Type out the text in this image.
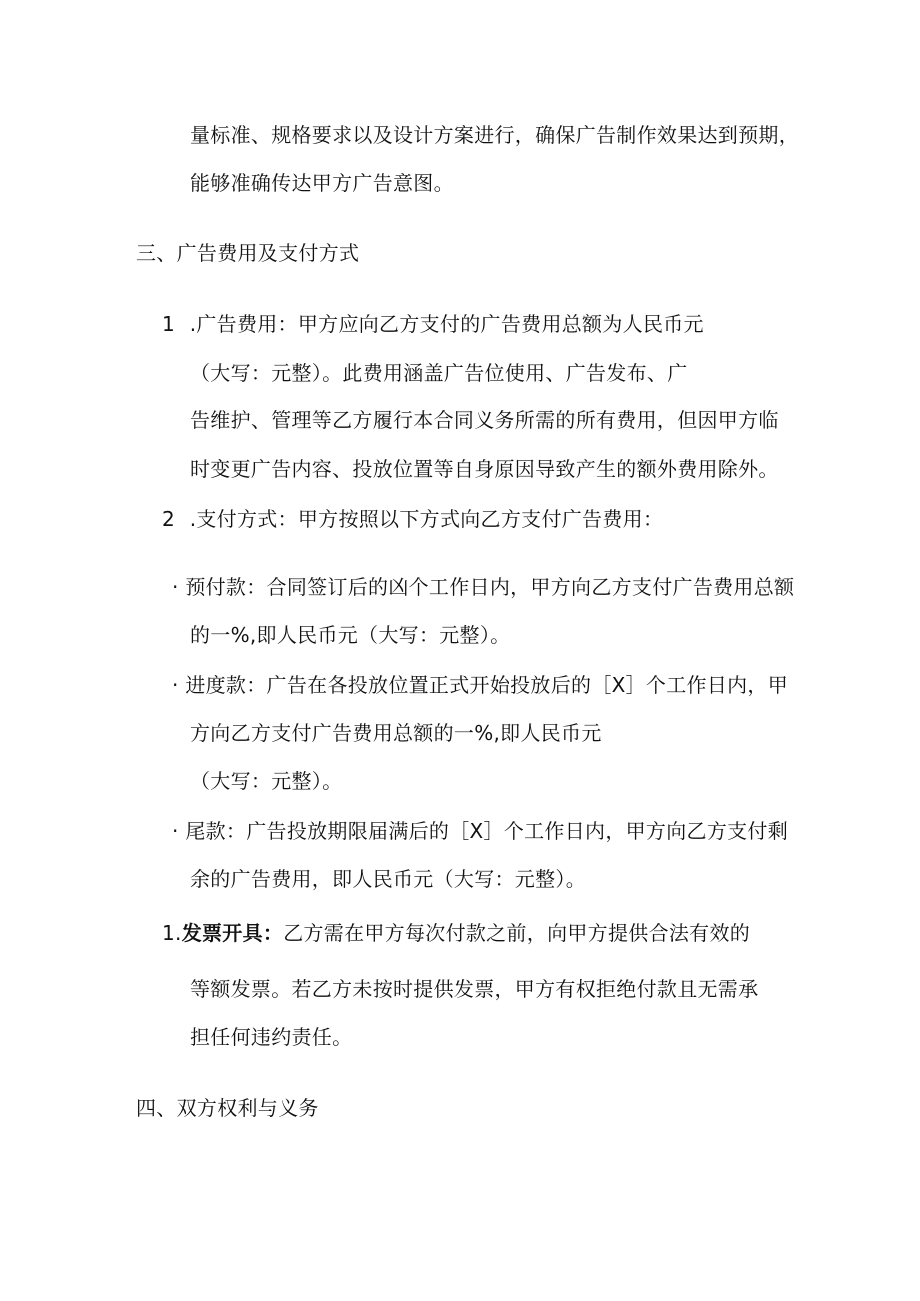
量标准、规格要求以及设计方案进行，确保广告制作效果达到预期，
能够准确传达甲方广告意图。
三、广告费用及支付方式
1 .广告费用：甲方应向乙方支付的广告费用总额为人民币元
（大写：元整）。此费用涵盖广告位使用、广告发布、广
告维护、管理等乙方履行本合同义务所需的所有费用，但因甲方临
时变更广告内容、投放位置等自身原因导致产生的额外费用除外。
2 .支付方式：甲方按照以下方式向乙方支付广告费用：
· 预付款：合同签订后的凶个工作日内，甲方向乙方支付广告费用总额
的一%,即人民币元（大写：元整）。
· 进度款：广告在各投放位置正式开始投放后的［X］个工作日内，甲
方向乙方支付广告费用总额的一%,即人民币元
（大写：元整）。
· 尾款：广告投放期限届满后的［X］个工作日内，甲方向乙方支付剩
余的广告费用，即人民币元（大写：元整）。
1.发票开具：乙方需在甲方每次付款之前，向甲方提供合法有效的
等额发票。若乙方未按时提供发票，甲方有权拒绝付款且无需承
担任何违约责任。
四、双方权利与义务
